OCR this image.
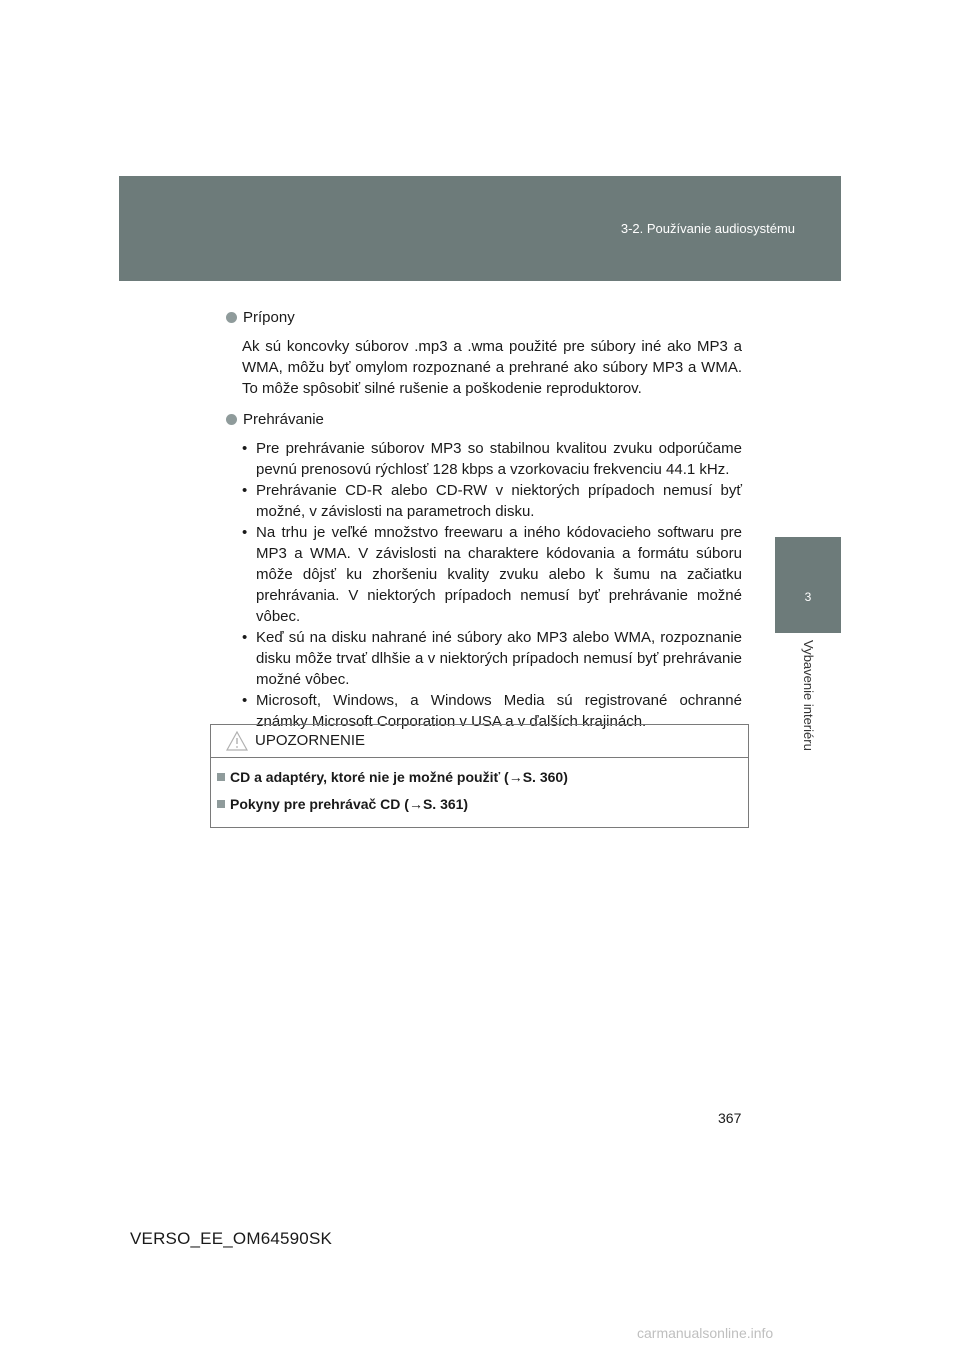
3-2. Používanie audiosystému
3
Vybavenie interiéru

Prípony

Ak sú koncovky súborov .mp3 a .wma použité pre súbory iné ako MP3 a WMA, môžu byť omylom rozpoznané a prehrané ako súbory MP3 a WMA. To môže spôsobiť silné rušenie a poškodenie reproduktorov.

Prehrávanie

• Pre prehrávanie súborov MP3 so stabilnou kvalitou zvuku odporúčame pevnú prenosovú rýchlosť 128 kbps a vzorkovaciu frekvenciu 44.1 kHz.
• Prehrávanie CD-R alebo CD-RW v niektorých prípadoch nemusí byť možné, v závislosti na parametroch disku.
• Na trhu je veľké množstvo freewaru a iného kódovacieho softwaru pre MP3 a WMA. V závislosti na charaktere kódovania a formátu súboru môže dôjsť ku zhoršeniu kvality zvuku alebo k šumu na začiatku prehrávania. V niektorých prípadoch nemusí byť prehrávanie možné vôbec.
• Keď sú na disku nahrané iné súbory ako MP3 alebo WMA, rozpoznanie disku môže trvať dlhšie a v niektorých prípadoch nemusí byť prehrávanie možné vôbec.
• Microsoft, Windows, a Windows Media sú registrované ochranné známky Microsoft Corporation v USA a v ďalších krajinách.
UPOZORNENIE
CD a adaptéry, ktoré nie je možné použiť (→S. 360)
Pokyny pre prehrávač CD (→S. 361)
367
VERSO_EE_OM64590SK
carmanualsonline.info
